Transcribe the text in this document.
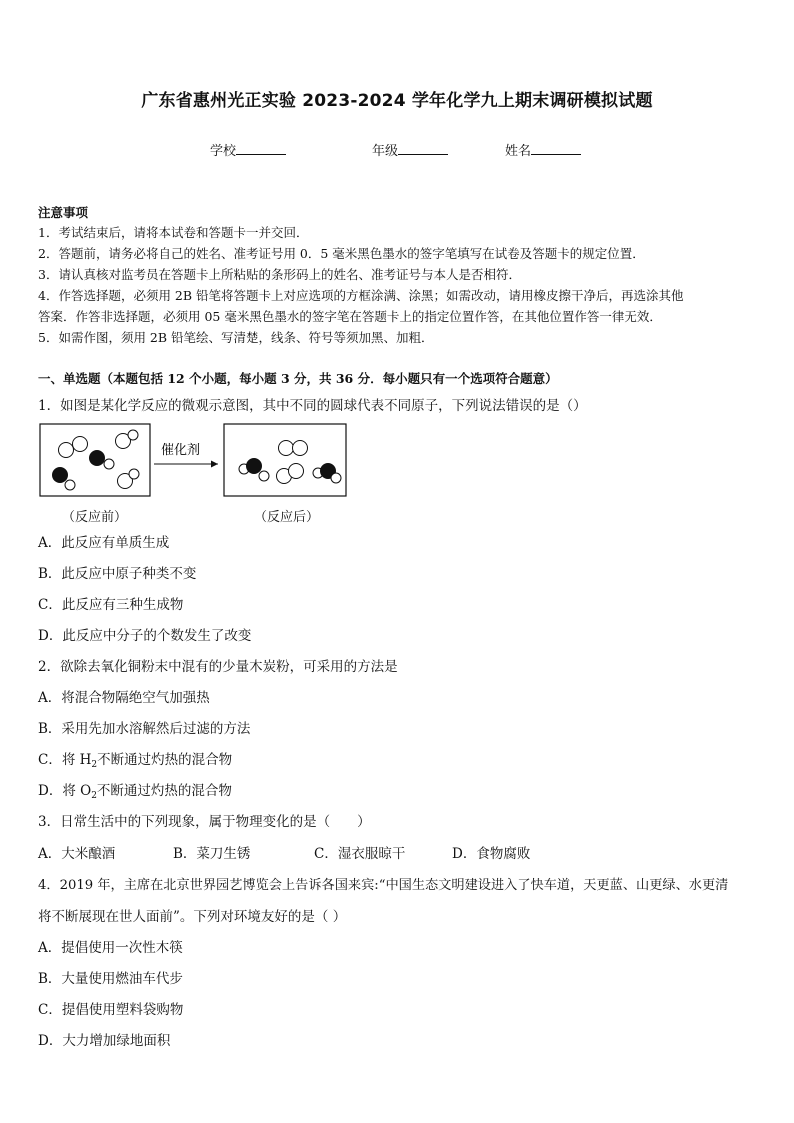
广东省惠州光正实验 2023-2024 学年化学九上期末调研模拟试题
学校	年级	姓名
注意事项
1．考试结束后，请将本试卷和答题卡一并交回．
2．答题前，请务必将自己的姓名、准考证号用 0．5 毫米黑色墨水的签字笔填写在试卷及答题卡的规定位置．
3．请认真核对监考员在答题卡上所粘贴的条形码上的姓名、准考证号与本人是否相符．
4．作答选择题，必须用 2B 铅笔将答题卡上对应选项的方框涂满、涂黑；如需改动，请用橡皮擦干净后，再选涂其他
答案．作答非选择题，必须用 05 毫米黑色墨水的签字笔在答题卡上的指定位置作答，在其他位置作答一律无效．
5．如需作图，须用 2B 铅笔绘、写清楚，线条、符号等须加黑、加粗．
一、单选题（本题包括 12 个小题，每小题 3 分，共 36 分．每小题只有一个选项符合题意）
1．如图是某化学反应的微观示意图，其中不同的圆球代表不同原子，下列说法错误的是（）
催化剂
（反应前）	（反应后）
A．此反应有单质生成
B．此反应中原子种类不变
C．此反应有三种生成物
D．此反应中分子的个数发生了改变
2．欲除去氧化铜粉末中混有的少量木炭粉，可采用的方法是
A．将混合物隔绝空气加强热
B．采用先加水溶解然后过滤的方法
C．将 $H_2$不断通过灼热的混合物
D．将 $O_2$不断通过灼热的混合物
3．日常生活中的下列现象，属于物理变化的是（　　）
A．大米酿酒	B．菜刀生锈	C．湿衣服晾干	D．食物腐败
4．2019 年，主席在北京世界园艺博览会上告诉各国来宾:“中国生态文明建设进入了快车道，天更蓝、山更绿、水更清
将不断展现在世人面前”。下列对环境友好的是（ ）
A．提倡使用一次性木筷
B．大量使用燃油车代步
C．提倡使用塑料袋购物
D．大力增加绿地面积
